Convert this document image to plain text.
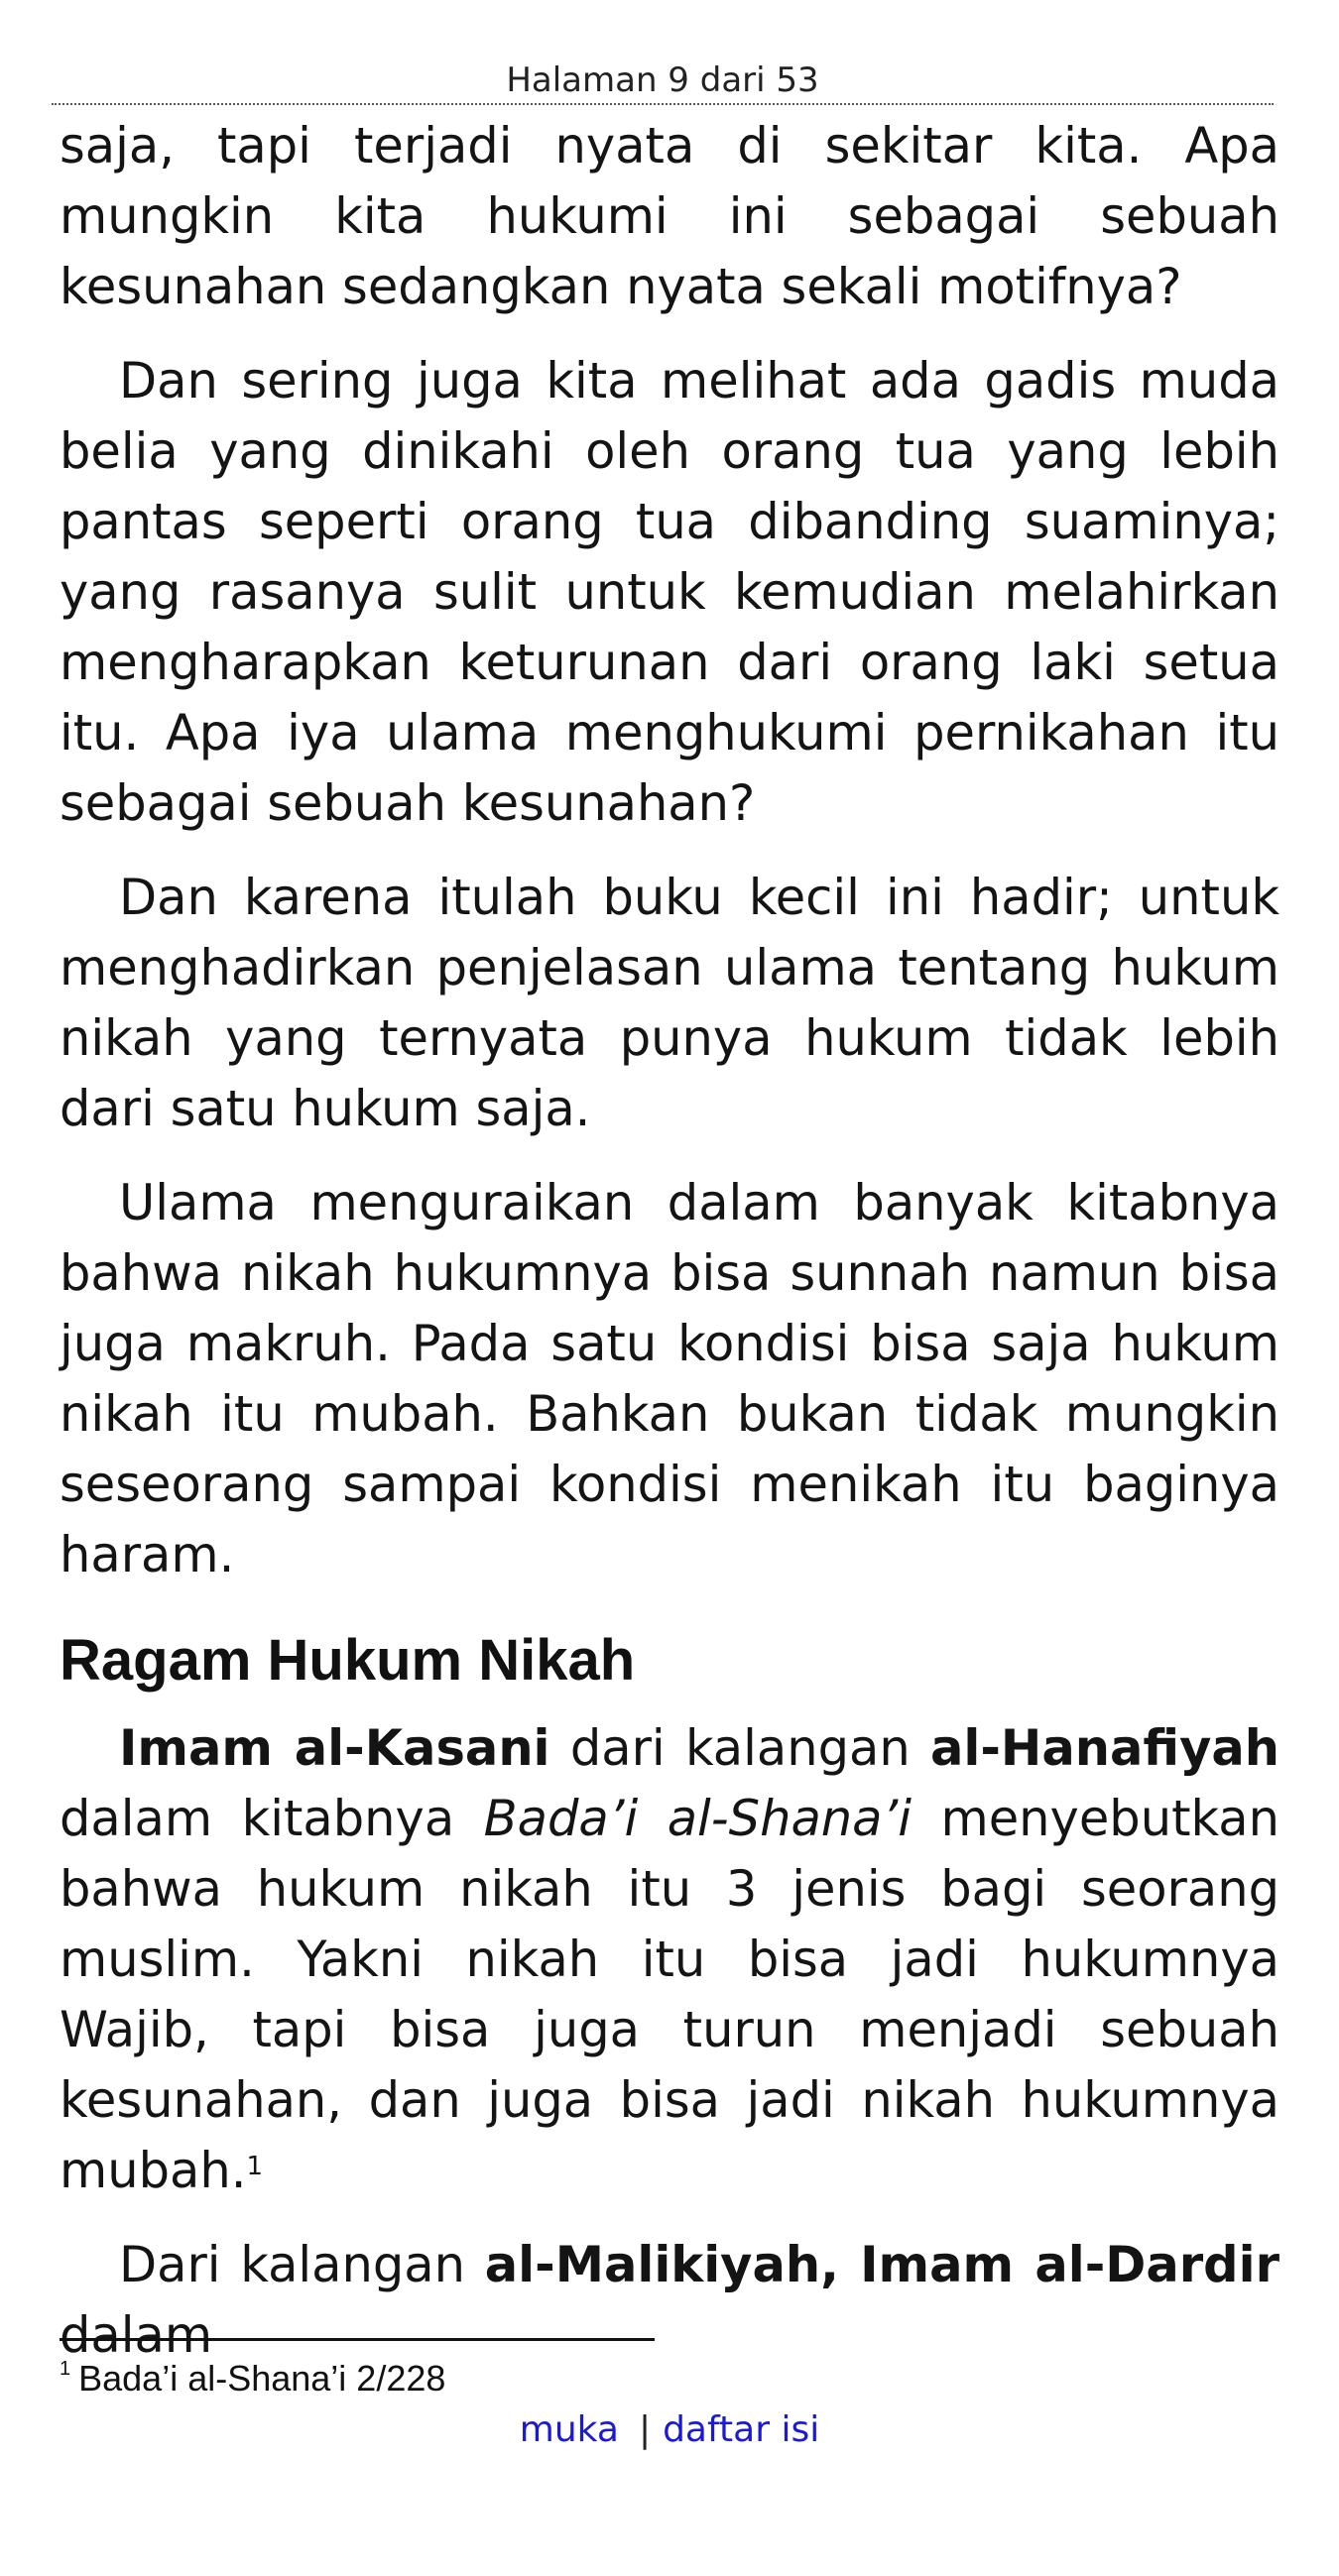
Halaman 9 dari 53

saja, tapi terjadi nyata di sekitar kita. Apa mungkin kita hukumi ini sebagai sebuah kesunahan sedangkan nyata sekali motifnya?

Dan sering juga kita melihat ada gadis muda belia yang dinikahi oleh orang tua yang lebih pantas seperti orang tua dibanding suaminya; yang rasanya sulit untuk kemudian melahirkan mengharapkan keturunan dari orang laki setua itu. Apa iya ulama menghukumi pernikahan itu sebagai sebuah kesunahan?

Dan karena itulah buku kecil ini hadir; untuk menghadirkan penjelasan ulama tentang hukum nikah yang ternyata punya hukum tidak lebih dari satu hukum saja.

Ulama menguraikan dalam banyak kitabnya bahwa nikah hukumnya bisa sunnah namun bisa juga makruh. Pada satu kondisi bisa saja hukum nikah itu mubah. Bahkan bukan tidak mungkin seseorang sampai kondisi menikah itu baginya haram.

Ragam Hukum Nikah

Imam al-Kasani dari kalangan al-Hanafiyah dalam kitabnya Bada’i al-Shana’i menyebutkan bahwa hukum nikah itu 3 jenis bagi seorang muslim. Yakni nikah itu bisa jadi hukumnya Wajib, tapi bisa juga turun menjadi sebuah kesunahan, dan juga bisa jadi nikah hukumnya mubah.$^1$

Dari kalangan al-Malikiyah, Imam al-Dardir dalam

$^1$ Bada’i al-Shana’i 2/228
muka | daftar isi
